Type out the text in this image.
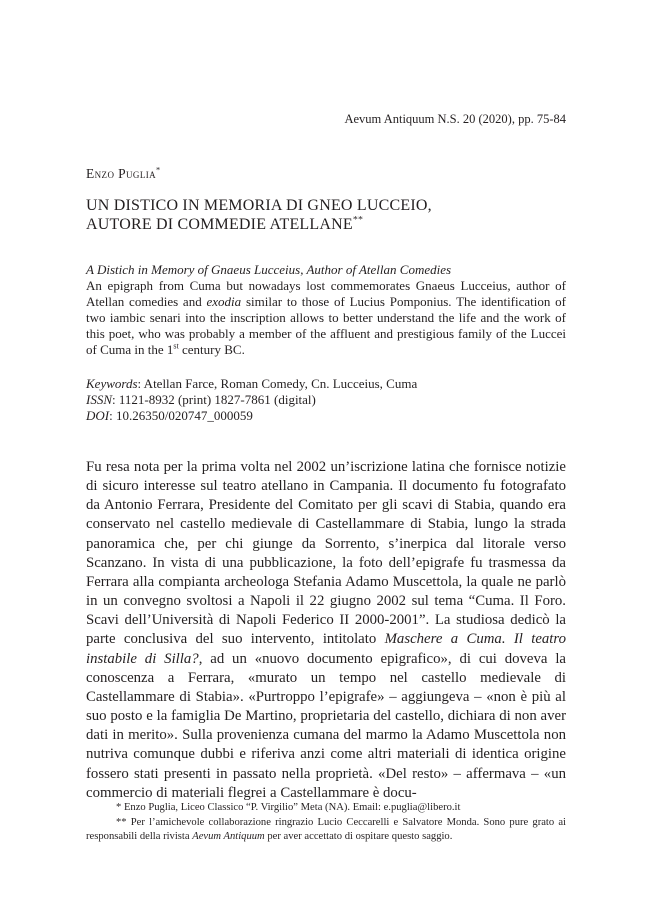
Aevum Antiquum N.S. 20 (2020), pp. 75-84
Enzo Puglia*
UN DISTICO IN MEMORIA DI GNEO LUCCEIO,
AUTORE DI COMMEDIE ATELLANE**
A Distich in Memory of Gnaeus Lucceius, Author of Atellan Comedies

An epigraph from Cuma but nowadays lost commemorates Gnaeus Lucceius, author of Atellan comedies and exodia similar to those of Lucius Pomponius. The identification of two iambic senari into the inscription allows to better understand the life and the work of this poet, who was probably a member of the affluent and prestigious family of the Luccei of Cuma in the 1st century BC.

Keywords: Atellan Farce, Roman Comedy, Cn. Lucceius, Cuma
ISSN: 1121-8932 (print) 1827-7861 (digital)
DOI: 10.26350/020747_000059

Fu resa nota per la prima volta nel 2002 un’iscrizione latina che fornisce notizie di sicuro interesse sul teatro atellano in Campania. Il documento fu fotografato da Antonio Ferrara, Presidente del Comitato per gli scavi di Stabia, quando era conservato nel castello medievale di Castellammare di Stabia, lungo la strada panoramica che, per chi giunge da Sorrento, s’inerpica dal litorale verso Scanzano. In vista di una pubblicazione, la foto dell’epigrafe fu trasmessa da Ferrara alla compianta archeologa Stefania Adamo Muscettola, la quale ne parlò in un convegno svoltosi a Napoli il 22 giugno 2002 sul tema “Cuma. Il Foro. Scavi dell’Università di Napoli Federico II 2000-2001”. La studiosa dedicò la parte conclusiva del suo intervento, intitolato Maschere a Cuma. Il teatro instabile di Silla?, ad un «nuovo documento epigrafico», di cui doveva la conoscenza a Ferrara, «murato un tempo nel castello medievale di Castellammare di Stabia». «Purtroppo l’epigrafe» – aggiungeva – «non è più al suo posto e la famiglia De Martino, proprietaria del castello, dichiara di non aver dati in merito». Sulla provenienza cumana del marmo la Adamo Muscettola non nutriva comunque dubbi e riferiva anzi come altri materiali di identica origine fossero stati presenti in passato nella proprietà. «Del resto» – affermava – «un commercio di materiali flegrei a Castellammare è docu-

* Enzo Puglia, Liceo Classico “P. Virgilio” Meta (NA). Email: e.puglia@libero.it

** Per l’amichevole collaborazione ringrazio Lucio Ceccarelli e Salvatore Monda. Sono pure grato ai responsabili della rivista Aevum Antiquum per aver accettato di ospitare questo saggio.
